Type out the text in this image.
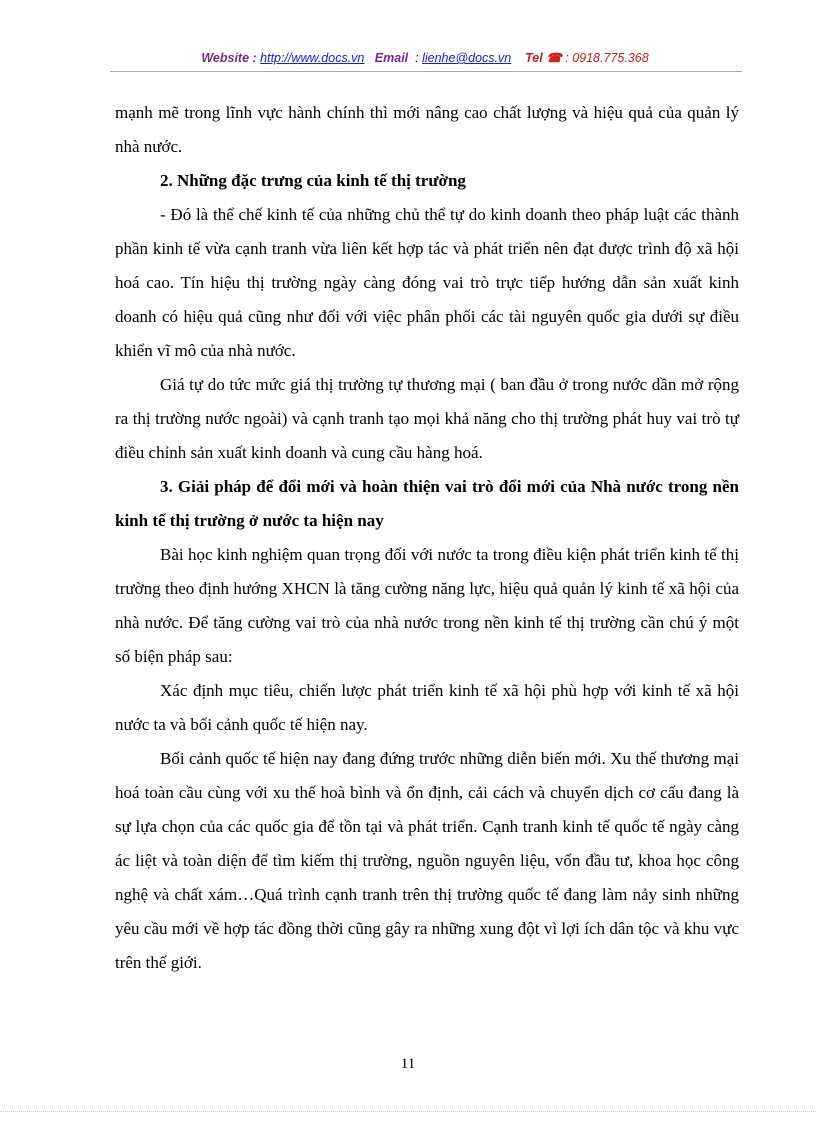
Website : http://www.docs.vn Email : lienhe@docs.vn Tel ☎ : 0918.775.368

mạnh mẽ trong lĩnh vực hành chính thì mới nâng cao chất lượng và hiệu quả của quản lý nhà nước.

2. Những đặc trưng của kinh tế thị trường

- Đó là thể chế kinh tế của những chủ thể tự do kinh doanh theo pháp luật các thành phần kinh tế vừa cạnh tranh vừa liên kết hợp tác và phát triển nên đạt được trình độ xã hội hoá cao. Tín hiệu thị trường ngày càng đóng vai trò trực tiếp hướng dẫn sản xuất kinh doanh có hiệu quả cũng như đối với việc phân phối các tài nguyên quốc gia dưới sự điều khiển vĩ mô của nhà nước.

Giá tự do tức mức giá thị trường tự thương mại ( ban đầu ở trong nước dần mở rộng ra thị trường nước ngoài) và cạnh tranh tạo mọi khả năng cho thị trường phát huy vai trò tự điều chỉnh sản xuất kinh doanh và cung cầu hàng hoá.

3. Giải pháp để đổi mới và hoàn thiện vai trò đổi mới của Nhà nước trong nền kinh tế thị trường ở nước ta hiện nay

Bài học kinh nghiệm quan trọng đối với nước ta trong điều kiện phát triển kinh tế thị trường theo định hướng XHCN là tăng cường năng lực, hiệu quả quản lý kinh tế xã hội của nhà nước. Để tăng cường vai trò của nhà nước trong nền kinh tế thị trường cần chú ý một số biện pháp sau:

Xác định mục tiêu, chiến lược phát triển kinh tế xã hội phù hợp với kinh tế xã hội nước ta và bối cảnh quốc tế hiện nay.

Bối cảnh quốc tế hiện nay đang đứng trước những diễn biến mới. Xu thế thương mại hoá toàn cầu cùng với xu thế hoà bình và ổn định, cải cách và chuyển dịch cơ cấu đang là sự lựa chọn của các quốc gia để tồn tại và phát triển. Cạnh tranh kinh tế quốc tế ngày càng ác liệt và toàn diện để tìm kiếm thị trường, nguồn nguyên liệu, vốn đầu tư, khoa học công nghệ và chất xám…Quá trình cạnh tranh trên thị trường quốc tế đang làm nảy sinh những yêu cầu mới về hợp tác đồng thời cũng gây ra những xung đột vì lợi ích dân tộc và khu vực trên thế giới.

11
